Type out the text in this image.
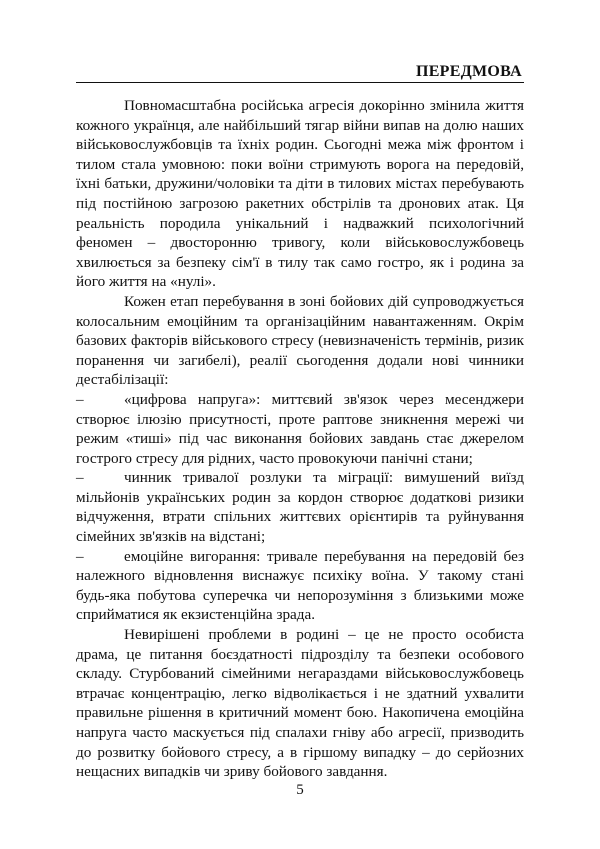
ПЕРЕДМОВА

Повномасштабна російська агресія докорінно змінила життя кожного українця, але найбільший тягар війни випав на долю наших військовослужбовців та їхніх родин. Сьогодні межа між фронтом і тилом стала умовною: поки воїни стримують ворога на передовій, їхні батьки, дружини/чоловіки та діти в тилових містах перебувають під постійною загрозою ракетних обстрілів та дронових атак. Ця реальність породила унікальний і надважкий психологічний феномен – двосторонню тривогу, коли військовослужбовець хвилюється за безпеку сім'ї в тилу так само гостро, як і родина за його життя на «нулі».

Кожен етап перебування в зоні бойових дій супроводжується колосальним емоційним та організаційним навантаженням. Окрім базових факторів військового стресу (невизначеність термінів, ризик поранення чи загибелі), реалії сьогодення додали нові чинники дестабілізації:

–	«цифрова напруга»: миттєвий зв'язок через месенджери створює ілюзію присутності, проте раптове зникнення мережі чи режим «тиші» під час виконання бойових завдань стає джерелом гострого стресу для рідних, часто провокуючи панічні стани;

–	чинник тривалої розлуки та міграції: вимушений виїзд мільйонів українських родин за кордон створює додаткові ризики відчуження, втрати спільних життєвих орієнтирів та руйнування сімейних зв'язків на відстані;

–	емоційне вигорання: тривале перебування на передовій без належного відновлення виснажує психіку воїна. У такому стані будь-яка побутова суперечка чи непорозуміння з близькими може сприйматися як екзистенційна зрада.

Невирішені проблеми в родині – це не просто особиста драма, це питання боєздатності підрозділу та безпеки особового складу. Стурбований сімейними негараздами військовослужбовець втрачає концентрацію, легко відволікається і не здатний ухвалити правильне рішення в критичний момент бою. Накопичена емоційна напруга часто маскується під спалахи гніву або агресії, призводить до розвитку бойового стресу, а в гіршому випадку – до серйозних нещасних випадків чи зриву бойового завдання.

5
